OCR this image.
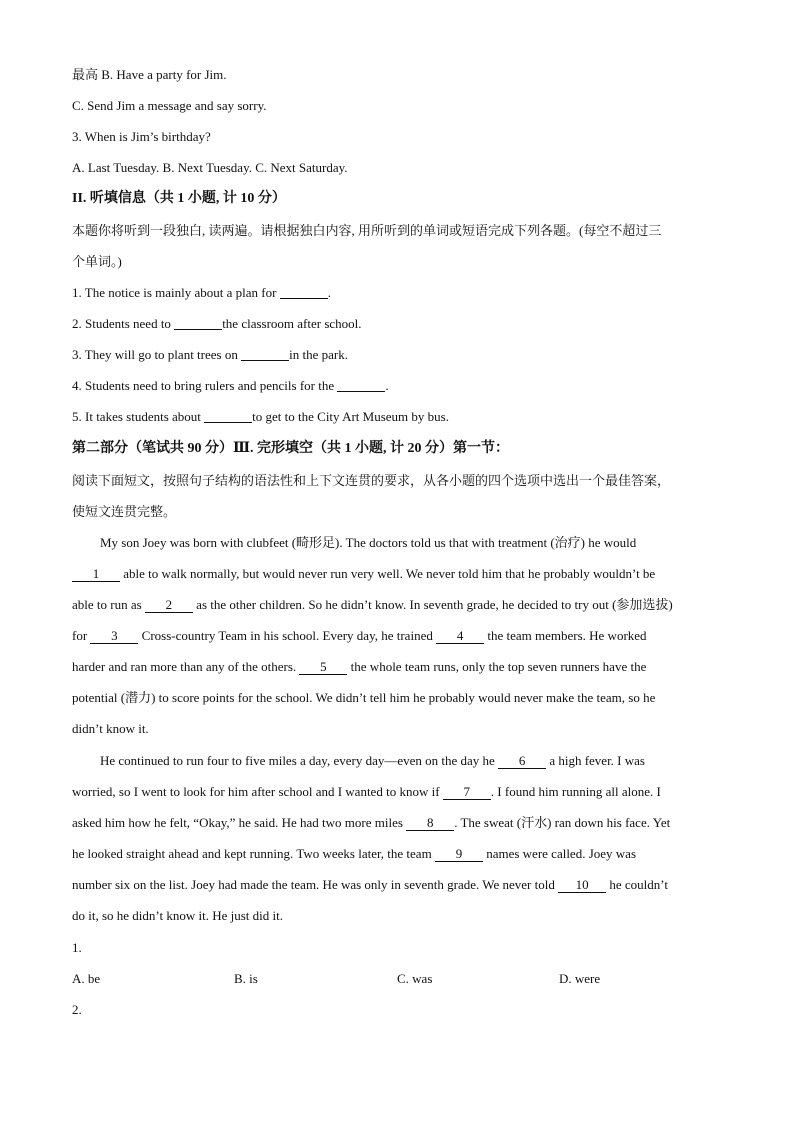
最高 B. Have a party for Jim.
C. Send Jim a message and say sorry.
3. When is Jim’s birthday?
A. Last Tuesday. B. Next Tuesday. C. Next Saturday.
II. 听填信息（共 1 小题, 计 10 分）
本题你将听到一段独白, 读两遍。请根据独白内容, 用所听到的单词或短语完成下列各题。(每空不超过三
个单词。)
1. The notice is mainly about a plan for	.
2. Students need to	the classroom after school.
3. They will go to plant trees on	in the park.
4. Students need to bring rulers and pencils for the	.
5. It takes students about	to get to the City Art Museum by bus.
第二部分（笔试共 90 分）Ⅲ. 完形填空（共 1 小题, 计 20 分）第一节：
阅读下面短文，按照句子结构的语法性和上下文连贯的要求，从各小题的四个选项中选出一个最佳答案，
使短文连贯完整。
My son Joey was born with clubfeet (畸形足). The doctors told us that with treatment (治疗) he would
1 able to walk normally, but would never run very well. We never told him that he probably wouldn’t be
able to run as 2 as the other children. So he didn’t know. In seventh grade, he decided to try out (参加选拔)
for 3 Cross-country Team in his school. Every day, he trained 4 the team members. He worked
harder and ran more than any of the others. 5 the whole team runs, only the top seven runners have the
potential (潜力) to score points for the school. We didn’t tell him he probably would never make the team, so he
didn’t know it.
He continued to run four to five miles a day, every day—even on the day he 6 a high fever. I was
worried, so I went to look for him after school and I wanted to know if 7 . I found him running all alone. I
asked him how he felt, “Okay,” he said. He had two more miles 8 . The sweat (汗水) ran down his face. Yet
he looked straight ahead and kept running. Two weeks later, the team 9 names were called. Joey was
number six on the list. Joey had made the team. He was only in seventh grade. We never told 10 he couldn’t
do it, so he didn’t know it. He just did it.
1.
A. be	B. is	C. was	D. were
2.
